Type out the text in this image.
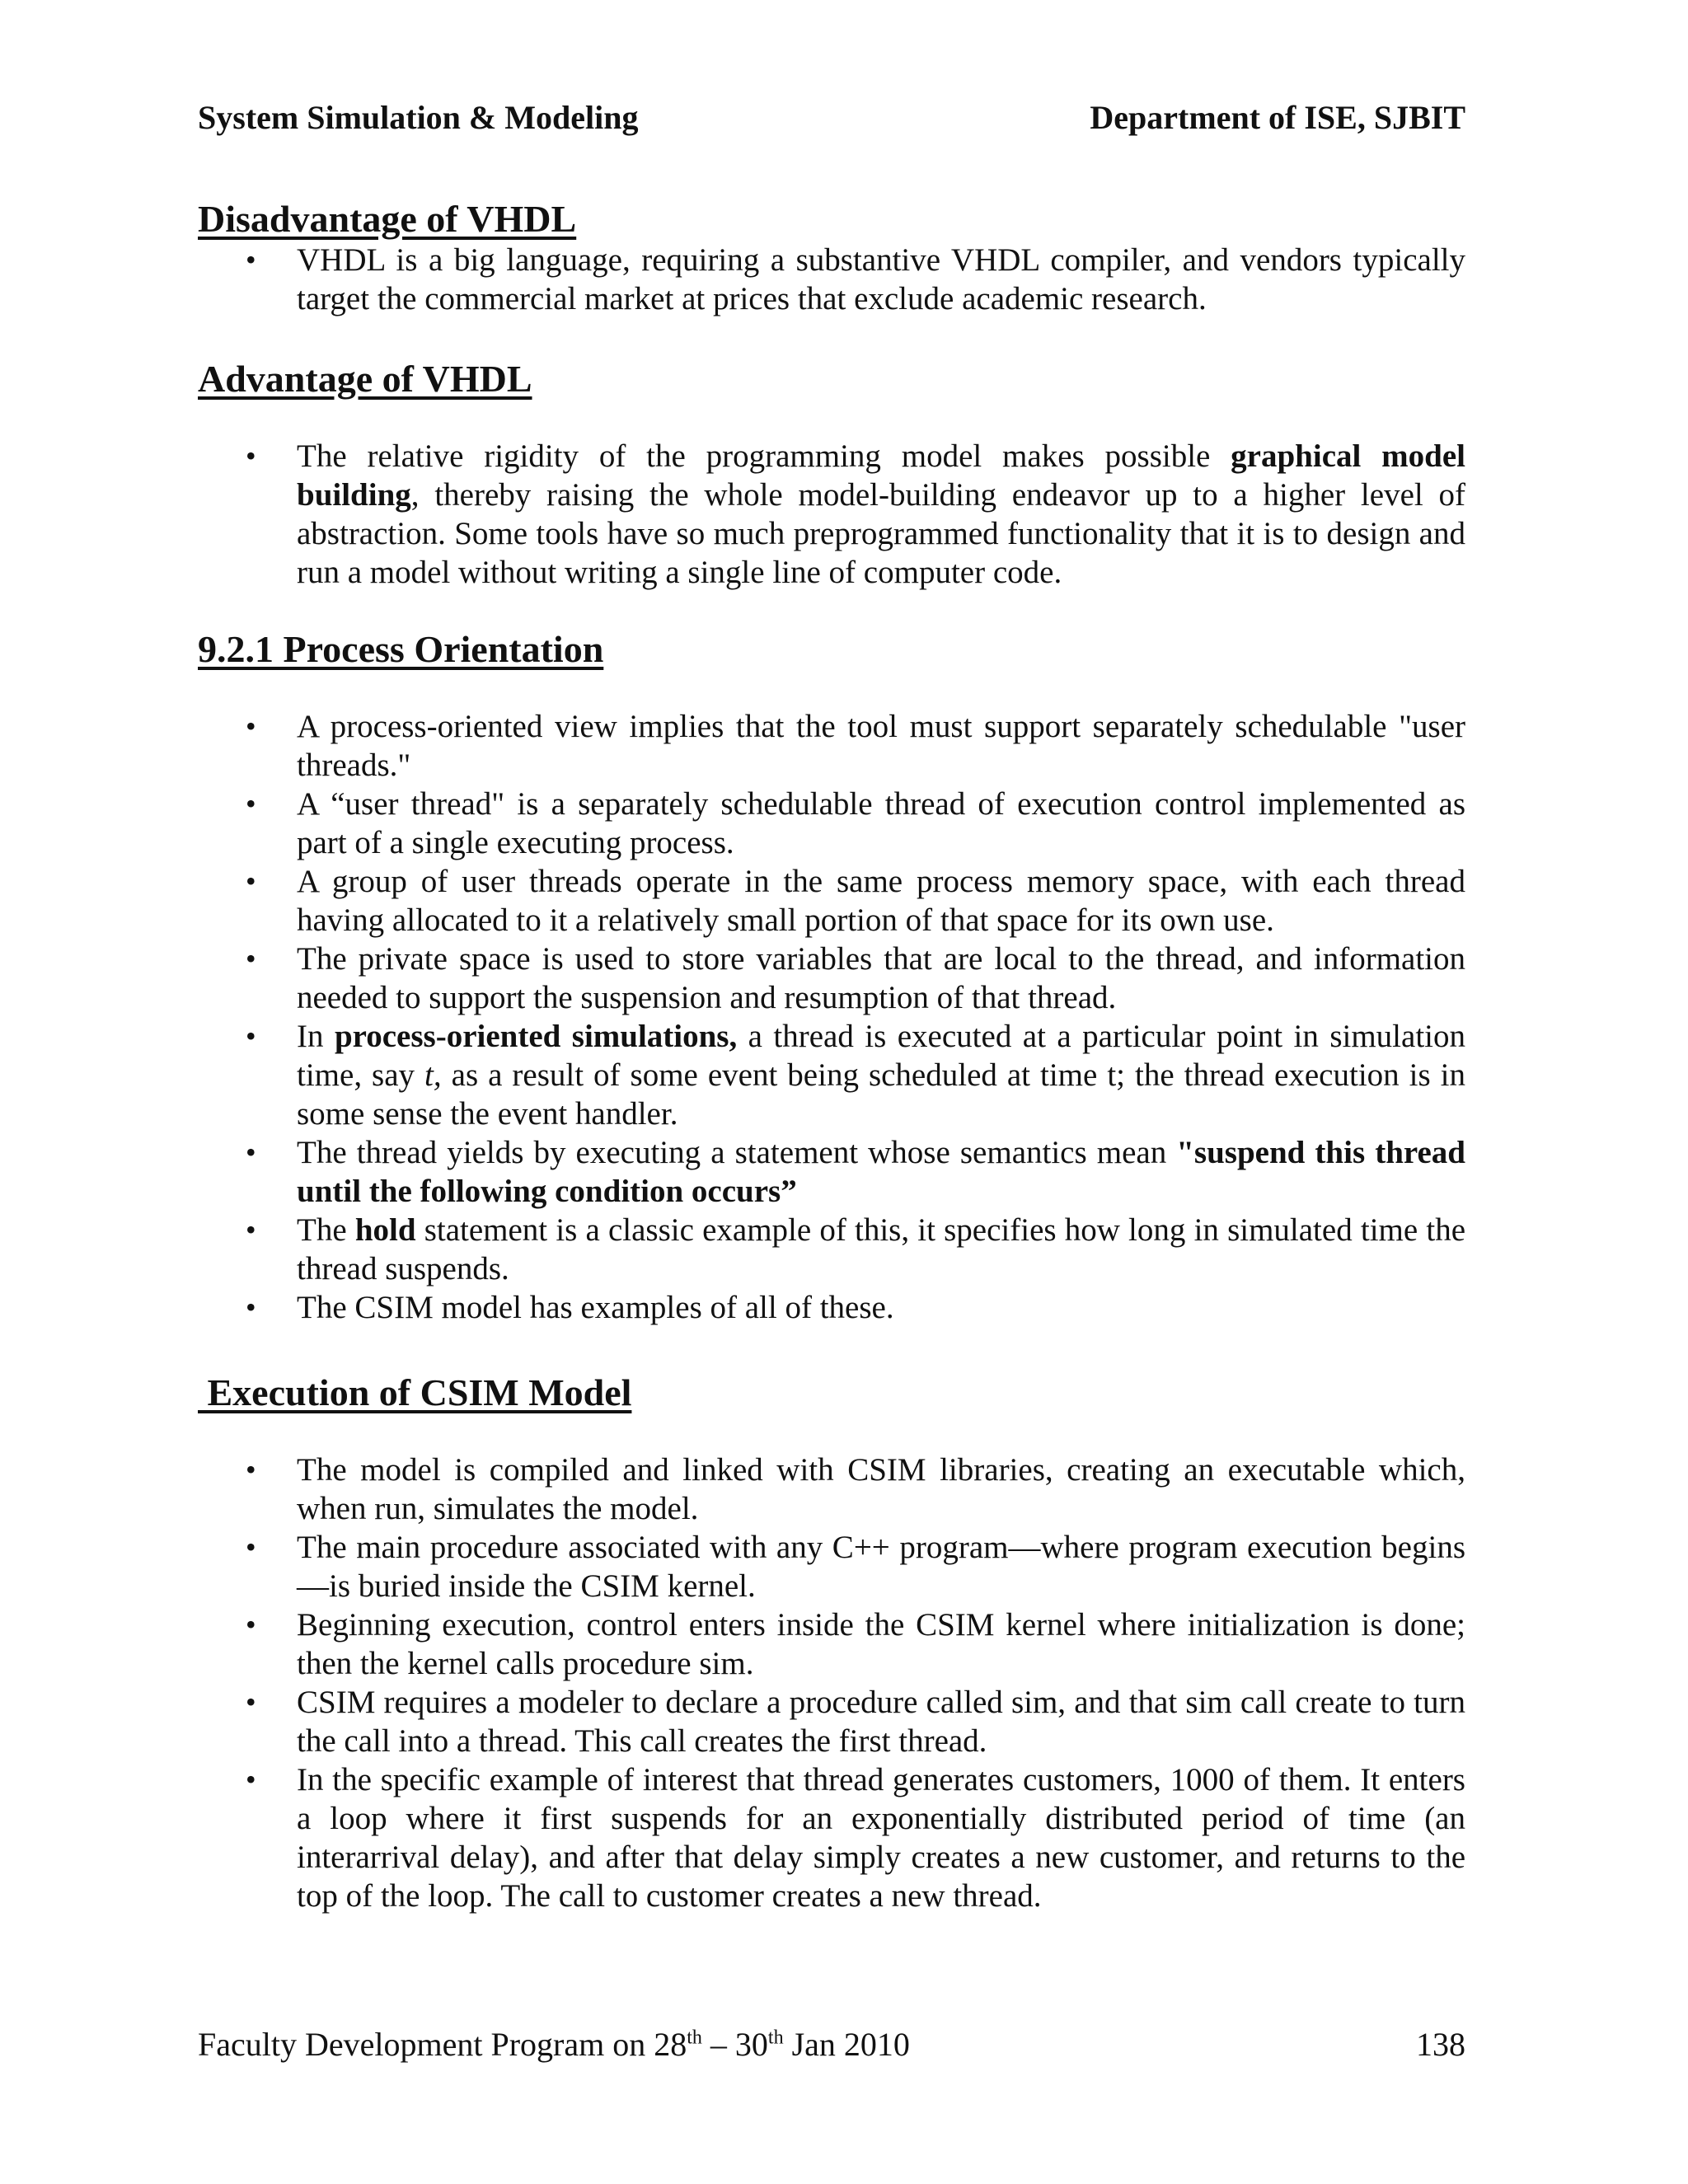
System Simulation & Modeling	Department of ISE, SJBIT
Disadvantage of VHDL
• VHDL is a big language, requiring a substantive VHDL compiler, and vendors typically target the commercial market at prices that exclude academic research.
Advantage of VHDL
• The relative rigidity of the programming model makes possible graphical model building, thereby raising the whole model-building endeavor up to a higher level of abstraction. Some tools have so much preprogrammed functionality that it is to design and run a model without writing a single line of computer code.
9.2.1 Process Orientation
• A process-oriented view implies that the tool must support separately schedulable "user threads."
• A “user thread" is a separately schedulable thread of execution control implemented as part of a single executing process.
• A group of user threads operate in the same process memory space, with each thread having allocated to it a relatively small portion of that space for its own use.
• The private space is used to store variables that are local to the thread, and information needed to support the suspension and resumption of that thread.
• In process-oriented simulations, a thread is executed at a particular point in simulation time, say t, as a result of some event being scheduled at time t; the thread execution is in some sense the event handler.
• The thread yields by executing a statement whose semantics mean "suspend this thread until the following condition occurs”
• The hold statement is a classic example of this, it specifies how long in simulated time the thread suspends.
• The CSIM model has examples of all of these.
Execution of CSIM Model
• The model is compiled and linked with CSIM libraries, creating an executable which, when run, simulates the model.
• The main procedure associated with any C++ program—where program execution begins—is buried inside the CSIM kernel.
• Beginning execution, control enters inside the CSIM kernel where initialization is done; then the kernel calls procedure sim.
• CSIM requires a modeler to declare a procedure called sim, and that sim call create to turn the call into a thread. This call creates the first thread.
• In the specific example of interest that thread generates customers, 1000 of them. It enters a loop where it first suspends for an exponentially distributed period of time (an interarrival delay), and after that delay simply creates a new customer, and returns to the top of the loop. The call to customer creates a new thread.
Faculty Development Program on 28th – 30th Jan 2010	138
